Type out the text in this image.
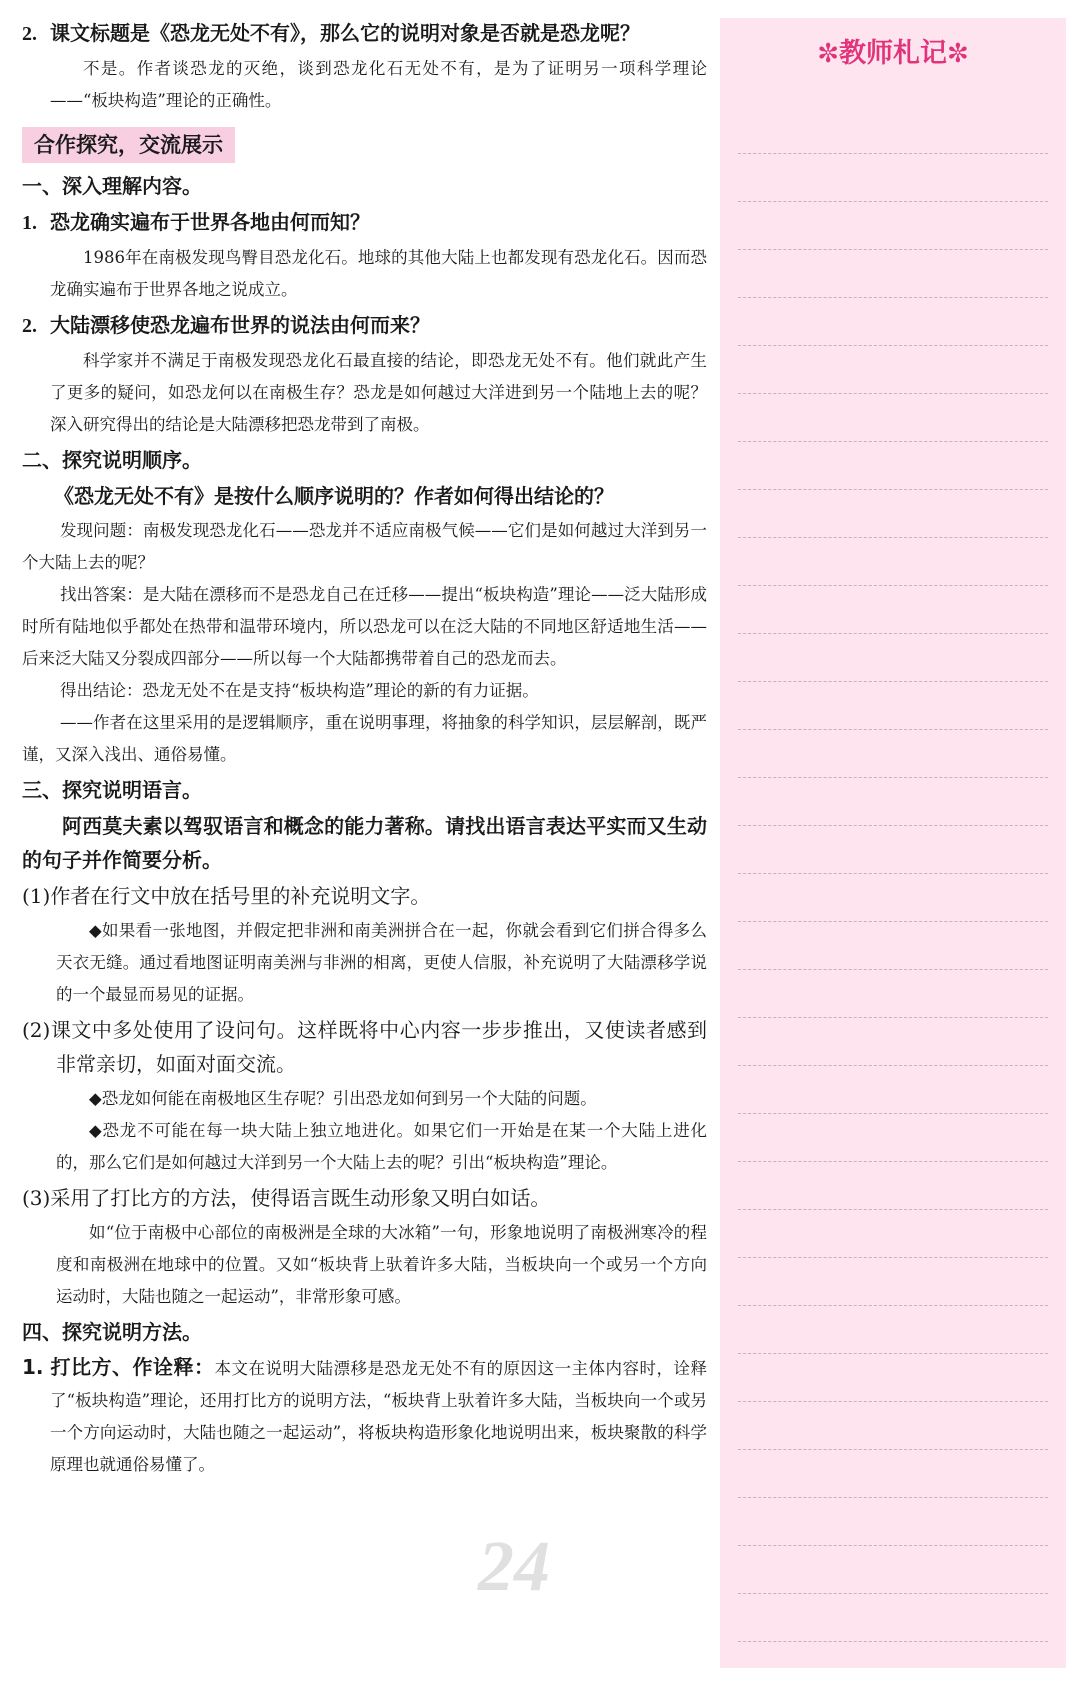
2. 课文标题是《恐龙无处不有》，那么它的说明对象是否就是恐龙呢？

不是。作者谈恐龙的灭绝，谈到恐龙化石无处不有，是为了证明另一项科学理论——“板块构造”理论的正确性。

合作探究，交流展示
一、深入理解内容。
1. 恐龙确实遍布于世界各地由何而知？

1986年在南极发现鸟臀目恐龙化石。地球的其他大陆上也都发现有恐龙化石。因而恐龙确实遍布于世界各地之说成立。

2. 大陆漂移使恐龙遍布世界的说法由何而来？

科学家并不满足于南极发现恐龙化石最直接的结论，即恐龙无处不有。他们就此产生了更多的疑问，如恐龙何以在南极生存？恐龙是如何越过大洋进到另一个陆地上去的呢？深入研究得出的结论是大陆漂移把恐龙带到了南极。

二、探究说明顺序。
《恐龙无处不有》是按什么顺序说明的？作者如何得出结论的？

发现问题：南极发现恐龙化石——恐龙并不适应南极气候——它们是如何越过大洋到另一个大陆上去的呢？

找出答案：是大陆在漂移而不是恐龙自己在迁移——提出“板块构造”理论——泛大陆形成时所有陆地似乎都处在热带和温带环境内，所以恐龙可以在泛大陆的不同地区舒适地生活——后来泛大陆又分裂成四部分——所以每一个大陆都携带着自己的恐龙而去。

得出结论：恐龙无处不在是支持“板块构造”理论的新的有力证据。

——作者在这里采用的是逻辑顺序，重在说明事理，将抽象的科学知识，层层解剖，既严谨，又深入浅出、通俗易懂。

三、探究说明语言。
阿西莫夫素以驾驭语言和概念的能力著称。请找出语言表达平实而又生动的句子并作简要分析。
(1)作者在行文中放在括号里的补充说明文字。

◆如果看一张地图，并假定把非洲和南美洲拼合在一起，你就会看到它们拼合得多么天衣无缝。通过看地图证明南美洲与非洲的相离，更使人信服，补充说明了大陆漂移学说的一个最显而易见的证据。

(2)课文中多处使用了设问句。这样既将中心内容一步步推出，又使读者感到非常亲切，如面对面交流。

◆恐龙如何能在南极地区生存呢？引出恐龙如何到另一个大陆的问题。

◆恐龙不可能在每一块大陆上独立地进化。如果它们一开始是在某一个大陆上进化的，那么它们是如何越过大洋到另一个大陆上去的呢？引出“板块构造”理论。

(3)采用了打比方的方法，使得语言既生动形象又明白如话。

如“位于南极中心部位的南极洲是全球的大冰箱”一句，形象地说明了南极洲寒冷的程度和南极洲在地球中的位置。又如“板块背上驮着许多大陆，当板块向一个或另一个方向运动时，大陆也随之一起运动”，非常形象可感。

四、探究说明方法。

1. 打比方、作诠释：本文在说明大陆漂移是恐龙无处不有的原因这一主体内容时，诠释了“板块构造”理论，还用打比方的说明方法，“板块背上驮着许多大陆，当板块向一个或另一个方向运动时，大陆也随之一起运动”，将板块构造形象化地说明出来，板块聚散的科学原理也就通俗易懂了。

24
✼教师札记✼
